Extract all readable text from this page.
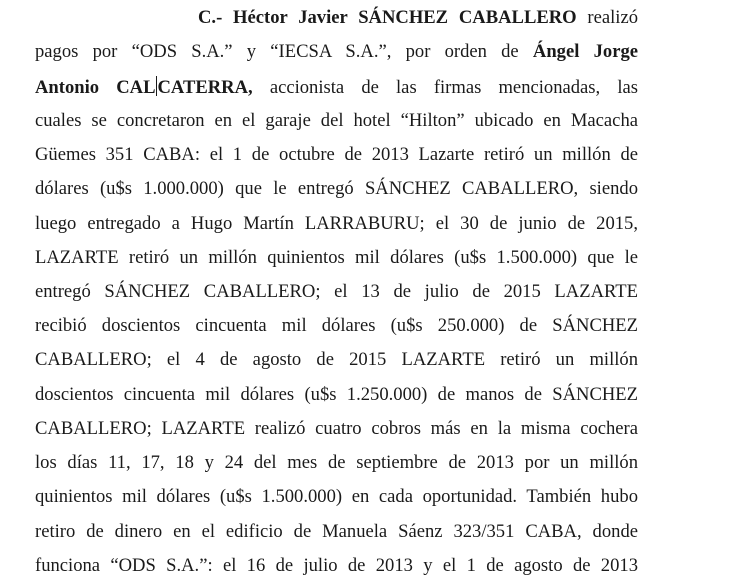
C.- Héctor Javier SÁNCHEZ CABALLERO realizó
pagos por “ODS S.A.” y “IECSA S.A.”, por orden de Ángel Jorge
Antonio CAL CATERRA, accionista de las firmas mencionadas, las
cuales se concretaron en el garaje del hotel “Hilton” ubicado en Macacha
Güemes 351 CABA: el 1 de octubre de 2013 Lazarte retiró un millón de
dólares (u$s 1.000.000) que le entregó SÁNCHEZ CABALLERO, siendo
luego entregado a Hugo Martín LARRABURU; el 30 de junio de 2015,
LAZARTE retiró un millón quinientos mil dólares (u$s 1.500.000) que le
entregó SÁNCHEZ CABALLERO; el 13 de julio de 2015 LAZARTE
recibió doscientos cincuenta mil dólares (u$s 250.000) de SÁNCHEZ
CABALLERO; el 4 de agosto de 2015 LAZARTE retiró un millón
doscientos cincuenta mil dólares (u$s 1.250.000) de manos de SÁNCHEZ
CABALLERO; LAZARTE realizó cuatro cobros más en la misma cochera
los días 11, 17, 18 y 24 del mes de septiembre de 2013 por un millón
quinientos mil dólares (u$s 1.500.000) en cada oportunidad. También hubo
retiro de dinero en el edificio de Manuela Sáenz 323/351 CABA, donde
funciona “ODS S.A.”: el 16 de julio de 2013 y el 1 de agosto de 2013
